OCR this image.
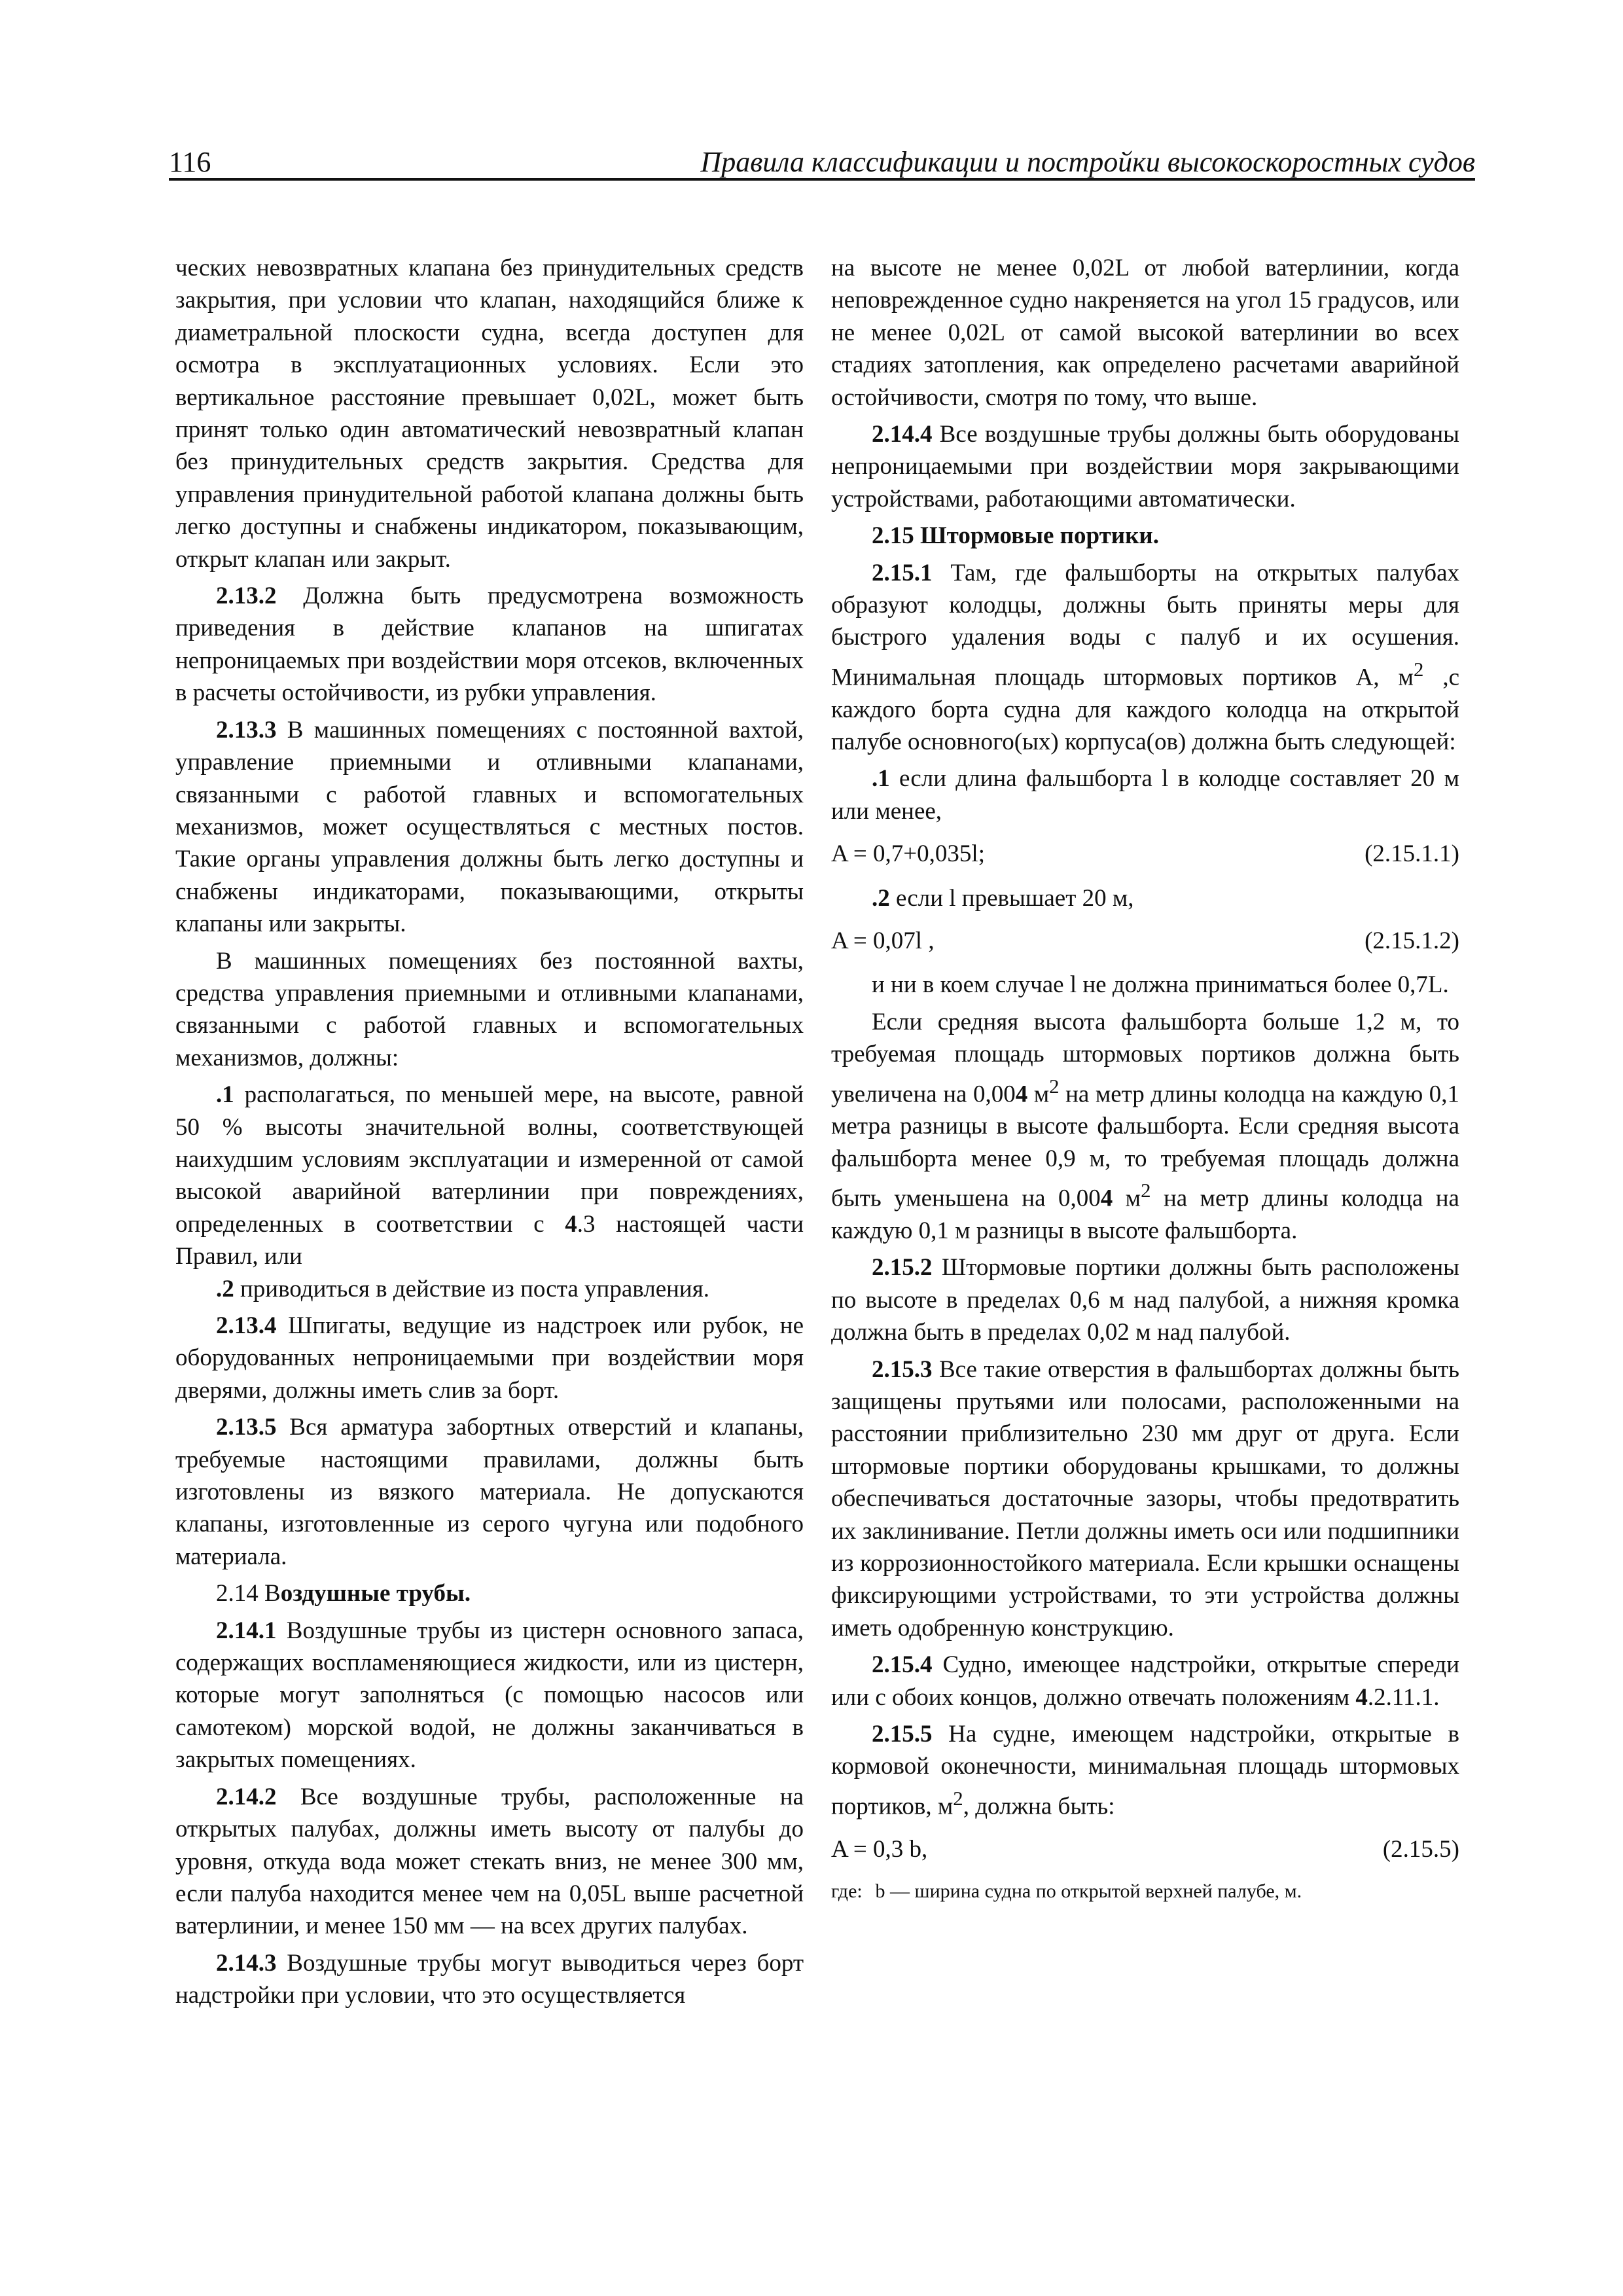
116	Правила классификации и постройки высокоскоростных судов

ческих невозвратных клапана без принудительных средств закрытия, при условии что клапан, находящийся ближе к диаметральной плоскости судна, всегда доступен для осмотра в эксплуатационных условиях. Если это вертикальное расстояние превышает 0,02L, может быть принят только один автоматический невозвратный клапан без принудительных средств закрытия. Средства для управления принудительной работой клапана должны быть легко доступны и снабжены индикатором, показывающим, открыт клапан или закрыт.

2.13.2 Должна быть предусмотрена возможность приведения в действие клапанов на шпигатах непроницаемых при воздействии моря отсеков, включенных в расчеты остойчивости, из рубки управления.

2.13.3 В машинных помещениях с постоянной вахтой, управление приемными и отливными клапанами, связанными с работой главных и вспомогательных механизмов, может осуществляться с местных постов. Такие органы управления должны быть легко доступны и снабжены индикаторами, показывающими, открыты клапаны или закрыты.

В машинных помещениях без постоянной вахты, средства управления приемными и отливными клапанами, связанными с работой главных и вспомогательных механизмов, должны:

.1 располагаться, по меньшей мере, на высоте, равной 50 % высоты значительной волны, соответствующей наихудшим условиям эксплуатации и измеренной от самой высокой аварийной ватерлинии при повреждениях, определенных в соответствии с 4.3 настоящей части Правил, или

.2 приводиться в действие из поста управления.

2.13.4 Шпигаты, ведущие из надстроек или рубок, не оборудованных непроницаемыми при воздействии моря дверями, должны иметь слив за борт.

2.13.5 Вся арматура забортных отверстий и клапаны, требуемые настоящими правилами, должны быть изготовлены из вязкого материала. Не допускаются клапаны, изготовленные из серого чугуна или подобного материала.

2.14 Воздушные трубы.

2.14.1 Воздушные трубы из цистерн основного запаса, содержащих воспламеняющиеся жидкости, или из цистерн, которые могут заполняться (с помощью насосов или самотеком) морской водой, не должны заканчиваться в закрытых помещениях.

2.14.2 Все воздушные трубы, расположенные на открытых палубах, должны иметь высоту от палубы до уровня, откуда вода может стекать вниз, не менее 300 мм, если палуба находится менее чем на 0,05L выше расчетной ватерлинии, и менее 150 мм — на всех других палубах.

2.14.3 Воздушные трубы могут выводиться через борт надстройки при условии, что это осуществляется

на высоте не менее 0,02L от любой ватерлинии, когда неповрежденное судно накреняется на угол 15 градусов, или не менее 0,02L от самой высокой ватерлинии во всех стадиях затопления, как определено расчетами аварийной остойчивости, смотря по тому, что выше.

2.14.4 Все воздушные трубы должны быть оборудованы непроницаемыми при воздействии моря закрывающими устройствами, работающими автоматически.

2.15 Штормовые портики.

2.15.1 Там, где фальшборты на открытых палубах образуют колодцы, должны быть приняты меры для быстрого удаления воды с палуб и их осушения. Минимальная площадь штормовых портиков A, $м^2$ ,с каждого борта судна для каждого колодца на открытой палубе основного(ых) корпуса(ов) должна быть следующей:

.1 если длина фальшборта l в колодце составляет 20 м или менее,

A = 0,7+0,035l;	(2.15.1.1)

.2 если l превышает 20 м,

A = 0,07l ,	(2.15.1.2)

и ни в коем случае l не должна приниматься более 0,7L.

Если средняя высота фальшборта больше 1,2 м, то требуемая площадь штормовых портиков должна быть увеличена на 0,004 $м^2$ на метр длины колодца на каждую 0,1 метра разницы в высоте фальшборта. Если средняя высота фальшборта менее 0,9 м, то требуемая площадь должна быть уменьшена на 0,004 $м^2$ на метр длины колодца на каждую 0,1 м разницы в высоте фальшборта.

2.15.2 Штормовые портики должны быть расположены по высоте в пределах 0,6 м над палубой, а нижняя кромка должна быть в пределах 0,02 м над палубой.

2.15.3 Все такие отверстия в фальшбортах должны быть защищены прутьями или полосами, расположенными на расстоянии приблизительно 230 мм друг от друга. Если штормовые портики оборудованы крышками, то должны обеспечиваться достаточные зазоры, чтобы предотвратить их заклинивание. Петли должны иметь оси или подшипники из коррозионностойкого материала. Если крышки оснащены фиксирующими устройствами, то эти устройства должны иметь одобренную конструкцию.

2.15.4 Судно, имеющее надстройки, открытые спереди или с обоих концов, должно отвечать положениям 4.2.11.1.

2.15.5 На судне, имеющем надстройки, открытые в кормовой оконечности, минимальная площадь штормовых портиков, $м^2$, должна быть:

A = 0,3 b,	(2.15.5)
где: b — ширина судна по открытой верхней палубе, м.
